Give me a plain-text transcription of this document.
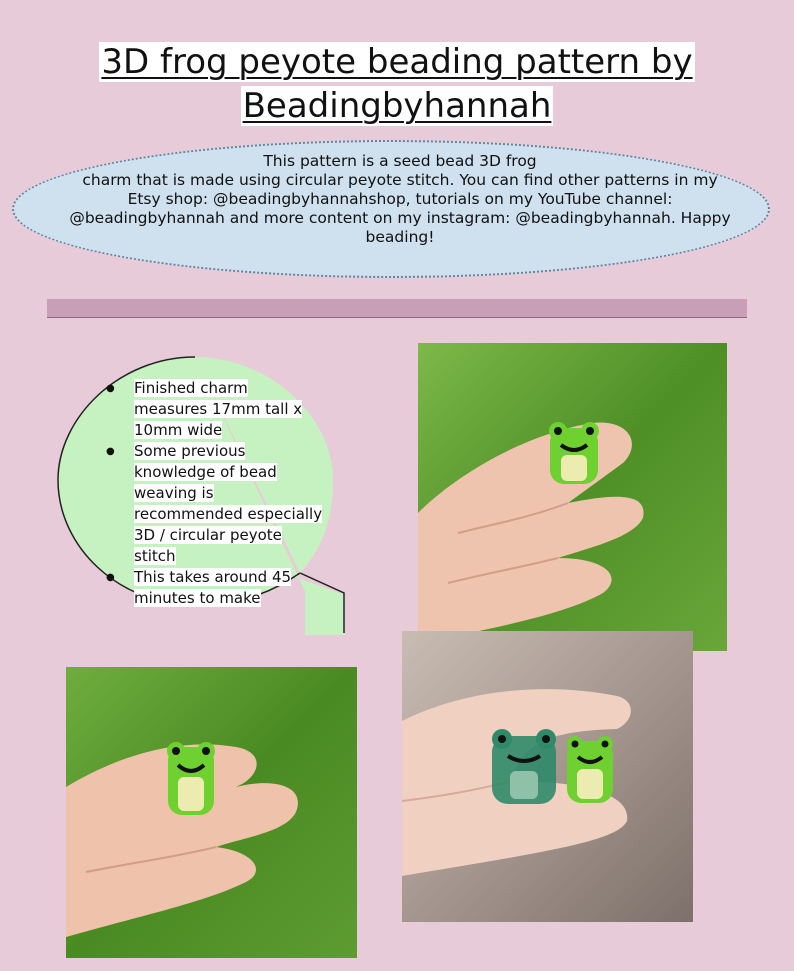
3D frog peyote beading pattern by
Beadingbyhannah
This pattern is a seed bead 3D frog
charm that is made using circular peyote stitch. You can find other patterns in my
Etsy shop: @beadingbyhannahshop, tutorials on my YouTube channel:
@beadingbyhannah and more content on my instagram: @beadingbyhannah. Happy
beading!
● Finished charm
measures 17mm tall x
10mm wide
● Some previous
knowledge of bead
weaving is
recommended especially
3D / circular peyote
stitch
● This takes around 45
minutes to make
